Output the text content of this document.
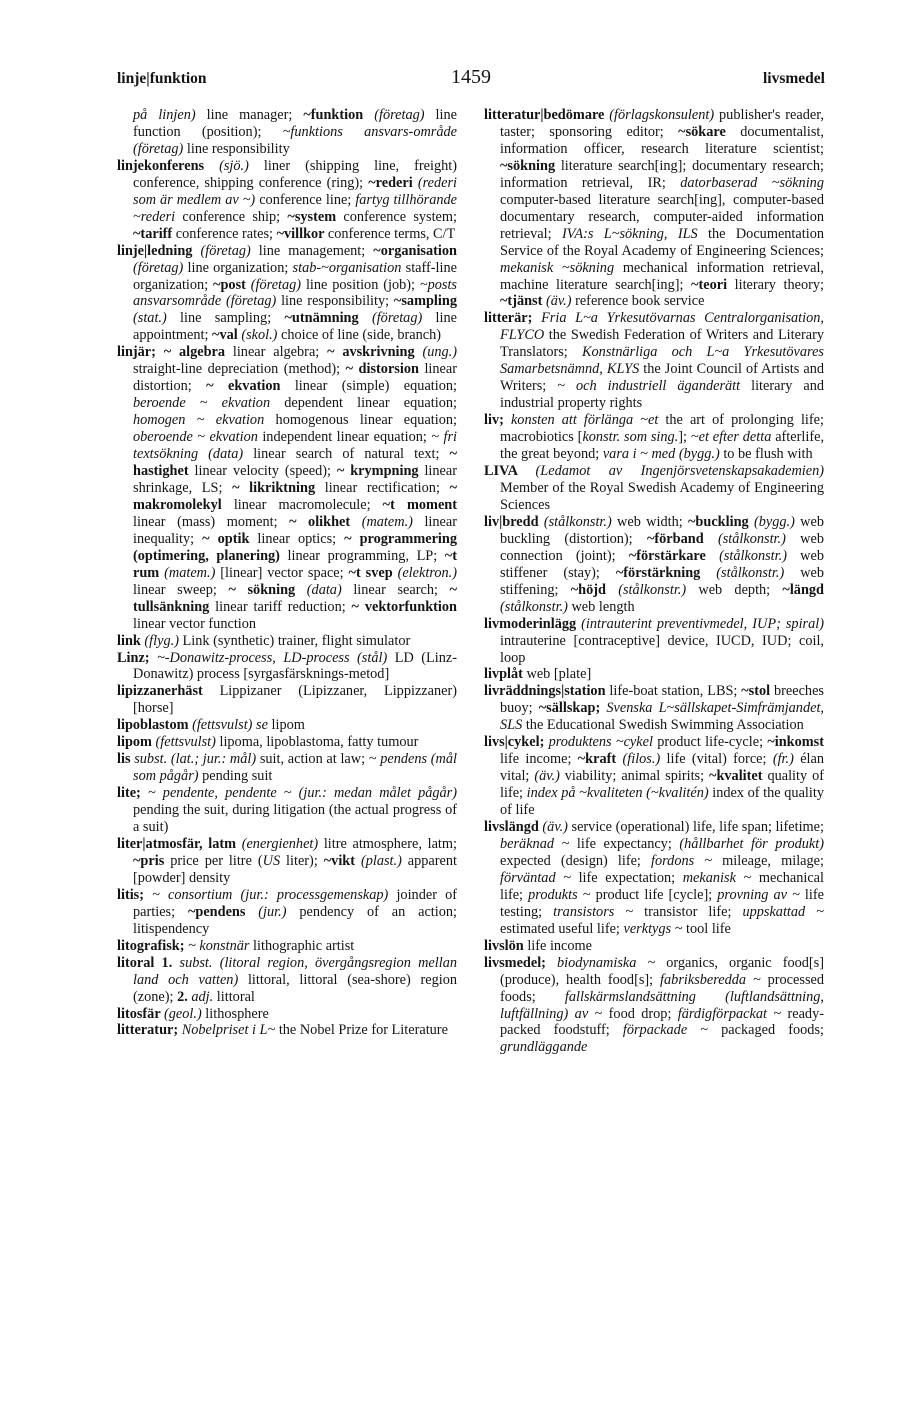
linje|funktion	1459	livsmedel

på linjen) line manager; ~funktion (företag) line function (position); ~funktions ansvars-område (företag) line responsibility

linjekonferens (sjö.) liner (shipping line, freight) conference, shipping conference (ring); ~rederi (rederi som är medlem av ~) conference line; fartyg tillhörande ~rederi conference ship; ~system conference system; ~tariff conference rates; ~villkor conference terms, C/T

linje|ledning (företag) line management; ~organisation (företag) line organization; stab-~organisation staff-line organization; ~post (företag) line position (job); ~posts ansvarsområde (företag) line responsibility; ~sampling (stat.) line sampling; ~utnämning (företag) line appointment; ~val (skol.) choice of line (side, branch)

linjär; ~ algebra linear algebra; ~ avskrivning (ung.) straight-line depreciation (method); ~ distorsion linear distortion; ~ ekvation linear (simple) equation; beroende ~ ekvation dependent linear equation; homogen ~ ekvation homogenous linear equation; oberoende ~ ekvation independent linear equation; ~ fri textsökning (data) linear search of natural text; ~ hastighet linear velocity (speed); ~ krympning linear shrinkage, LS; ~ likriktning linear rectification; ~ makromolekyl linear macromolecule; ~t moment linear (mass) moment; ~ olikhet (matem.) linear inequality; ~ optik linear optics; ~ programmering (optimering, planering) linear programming, LP; ~t rum (matem.) [linear] vector space; ~t svep (elektron.) linear sweep; ~ sökning (data) linear search; ~ tullsänkning linear tariff reduction; ~ vektorfunktion linear vector function

link (flyg.) Link (synthetic) trainer, flight simulator

Linz; ~-Donawitz-process, LD-process (stål) LD (Linz-Donawitz) process [syrgasfärsknings-metod]

lipizzanerhäst Lippizaner (Lipizzaner, Lippizzaner) [horse]

lipoblastom (fettsvulst) se lipom

lipom (fettsvulst) lipoma, lipoblastoma, fatty tumour

lis subst. (lat.; jur.: mål) suit, action at law; ~ pendens (mål som pågår) pending suit

lite; ~ pendente, pendente ~ (jur.: medan målet pågår) pending the suit, during litigation (the actual progress of a suit)

liter|atmosfär, latm (energienhet) litre atmosphere, latm; ~pris price per litre (US liter); ~vikt (plast.) apparent [powder] density

litis; ~ consortium (jur.: processgemenskap) joinder of parties; ~pendens (jur.) pendency of an action; litispendency

litografisk; ~ konstnär lithographic artist

litoral 1. subst. (litoral region, övergångsregion mellan land och vatten) littoral, littoral (sea-shore) region (zone); 2. adj. littoral

litosfär (geol.) lithosphere

litteratur; Nobelpriset i L~ the Nobel Prize for Literature

litteratur|bedömare (förlagskonsulent) publisher's reader, taster; sponsoring editor; ~sökare documentalist, information officer, research literature scientist; ~sökning literature search[ing]; documentary research; information retrieval, IR; datorbaserad ~sökning computer-based literature search[ing], computer-based documentary research, computer-aided information retrieval; IVA:s L~sökning, ILS the Documentation Service of the Royal Academy of Engineering Sciences; mekanisk ~sökning mechanical information retrieval, machine literature search[ing]; ~teori literary theory; ~tjänst (äv.) reference book service

litterär; Fria L~a Yrkesutövarnas Centralorganisation, FLYCO the Swedish Federation of Writers and Literary Translators; Konstnärliga och L~a Yrkesutövares Samarbetsnämnd, KLYS the Joint Council of Artists and Writers; ~ och industriell äganderätt literary and industrial property rights

liv; konsten att förlänga ~et the art of prolonging life; macrobiotics [konstr. som sing.]; ~et efter detta afterlife, the great beyond; vara i ~ med (bygg.) to be flush with

LIVA (Ledamot av Ingenjörsvetenskapsakademien) Member of the Royal Swedish Academy of Engineering Sciences

liv|bredd (stålkonstr.) web width; ~buckling (bygg.) web buckling (distortion); ~förband (stålkonstr.) web connection (joint); ~förstärkare (stålkonstr.) web stiffener (stay); ~förstärkning (stålkonstr.) web stiffening; ~höjd (stålkonstr.) web depth; ~längd (stålkonstr.) web length

livmoderinlägg (intrauterint preventivmedel, IUP; spiral) intrauterine [contraceptive] device, IUCD, IUD; coil, loop

livplåt web [plate]

livräddnings|station life-boat station, LBS; ~stol breeches buoy; ~sällskap; Svenska L~sällskapet-Simfrämjandet, SLS the Educational Swedish Swimming Association

livs|cykel; produktens ~cykel product life-cycle; ~inkomst life income; ~kraft (filos.) life (vital) force; (fr.) élan vital; (äv.) viability; animal spirits; ~kvalitet quality of life; index på ~kvaliteten (~kvalitén) index of the quality of life

livslängd (äv.) service (operational) life, life span; lifetime; beräknad ~ life expectancy; (hållbarhet för produkt) expected (design) life; fordons ~ mileage, milage; förväntad ~ life expectation; mekanisk ~ mechanical life; produkts ~ product life [cycle]; provning av ~ life testing; transistors ~ transistor life; uppskattad ~ estimated useful life; verktygs ~ tool life

livslön life income

livsmedel; biodynamiska ~ organics, organic food[s] (produce), health food[s]; fabriksberedda ~ processed foods; fallskärmslandsättning (luftlandsättning, luftfällning) av ~ food drop; färdigförpackat ~ ready-packed foodstuff; förpackade ~ packaged foods; grundläggande
